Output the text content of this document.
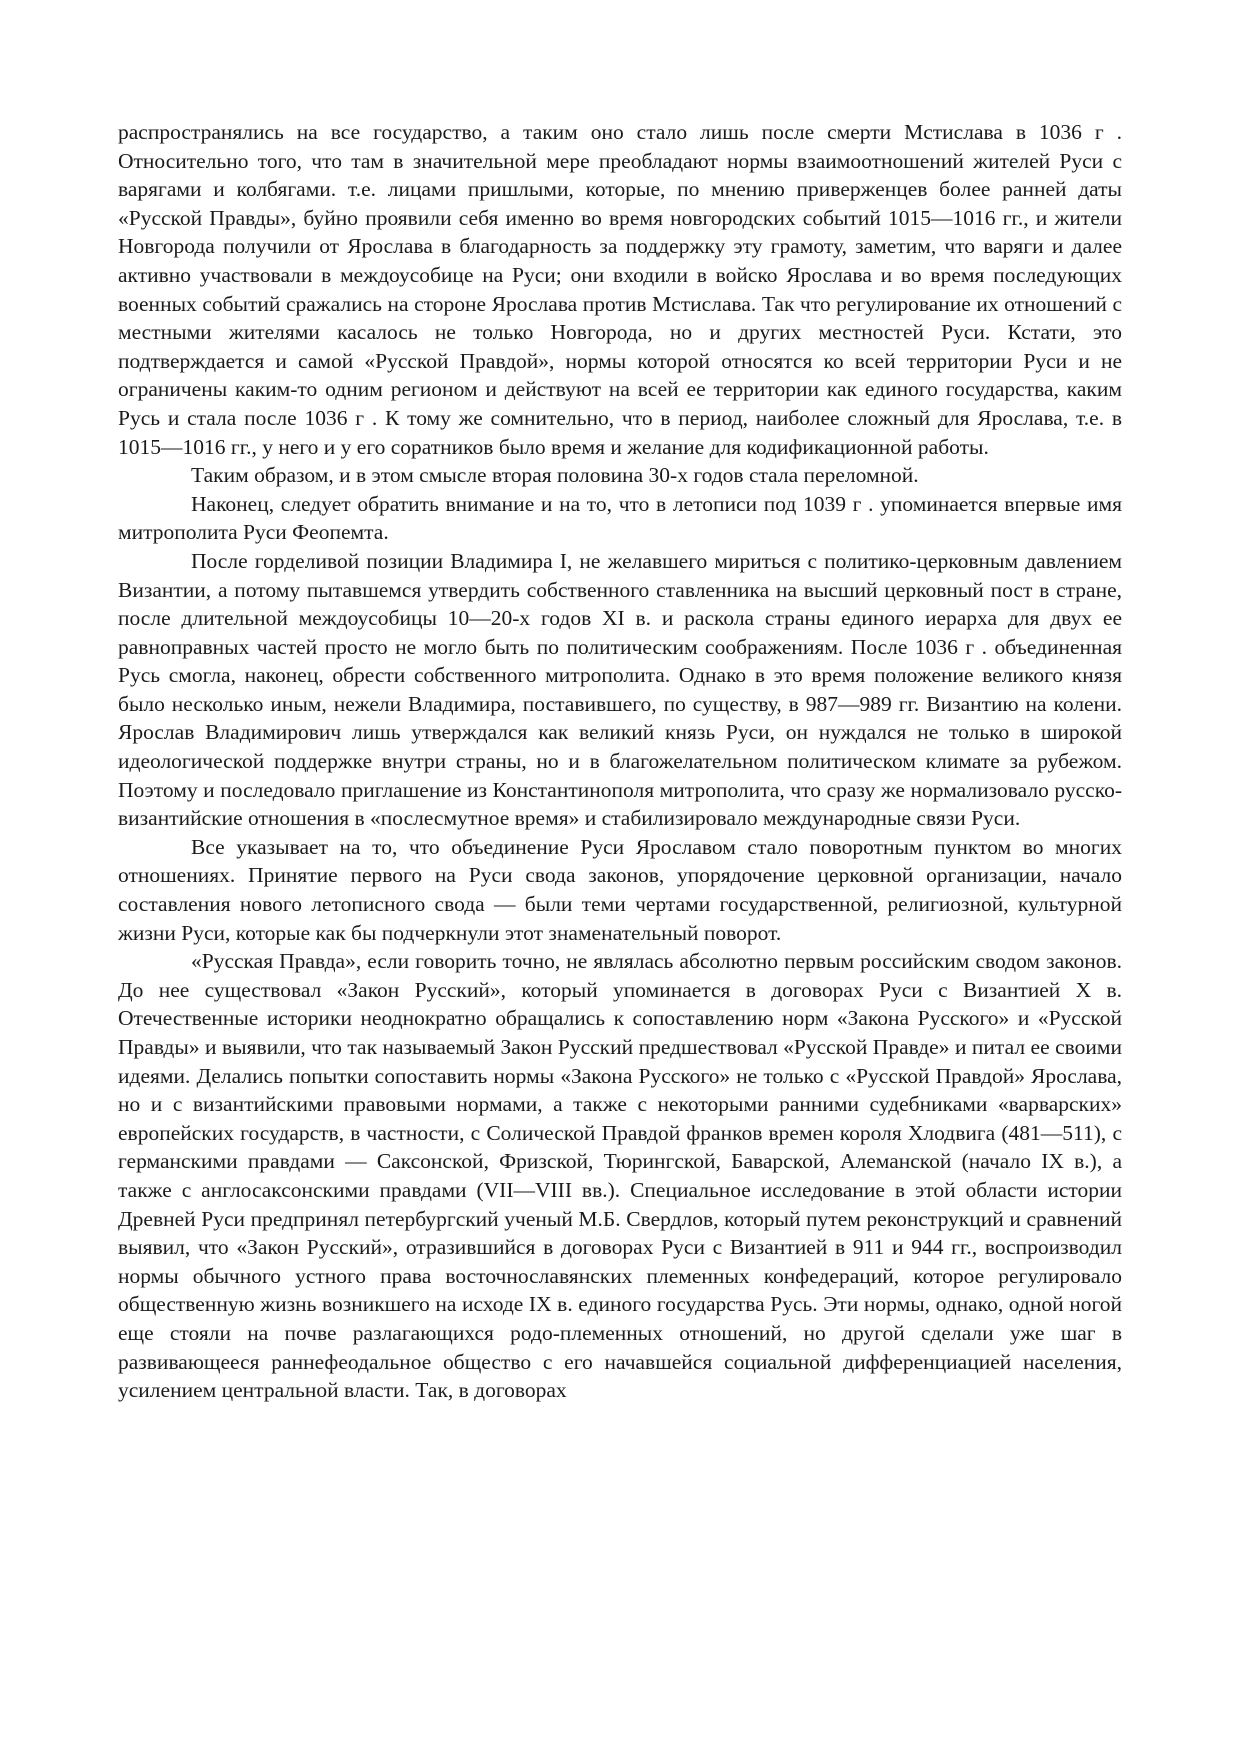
распространялись на все государство, а таким оно стало лишь после смерти Мстислава в 1036 г . Относительно того, что там в значительной мере преобладают нормы взаимоотношений жителей Руси с варягами и колбягами. т.е. лицами пришлыми, которые, по мнению приверженцев более ранней даты «Русской Правды», буйно проявили себя именно во время новгородских событий 1015—1016 гг., и жители Новгорода получили от Ярослава в благодарность за поддержку эту грамоту, заметим, что варяги и далее активно участвовали в междоусобице на Руси; они входили в войско Ярослава и во время последующих военных событий сражались на стороне Ярослава против Мстислава. Так что регулирование их отношений с местными жителями касалось не только Новгорода, но и других местностей Руси. Кстати, это подтверждается и самой «Русской Правдой», нормы которой относятся ко всей территории Руси и не ограничены каким-то одним регионом и действуют на всей ее территории как единого государства, каким Русь и стала после 1036 г . К тому же сомнительно, что в период, наиболее сложный для Ярослава, т.е. в 1015—1016 гг., у него и у его соратников было время и желание для кодификационной работы.

Таким образом, и в этом смысле вторая половина 30-х годов стала переломной.

Наконец, следует обратить внимание и на то, что в летописи под 1039 г . упоминается впервые имя митрополита Руси Феопемта.

После горделивой позиции Владимира I, не желавшего мириться с политико-церковным давлением Византии, а потому пытавшемся утвердить собственного ставленника на высший церковный пост в стране, после длительной междоусобицы 10—20-х годов XI в. и раскола страны единого иерарха для двух ее равноправных частей просто не могло быть по политическим соображениям. После 1036 г . объединенная Русь смогла, наконец, обрести собственного митрополита. Однако в это время положение великого князя было несколько иным, нежели Владимира, поставившего, по существу, в 987—989 гг. Византию на колени. Ярослав Владимирович лишь утверждался как великий князь Руси, он нуждался не только в широкой идеологической поддержке внутри страны, но и в благожелательном политическом климате за рубежом. Поэтому и последовало приглашение из Константинополя митрополита, что сразу же нормализовало русско-византийские отношения в «послесмутное время» и стабилизировало международные связи Руси.

Все указывает на то, что объединение Руси Ярославом стало поворотным пунктом во многих отношениях. Принятие первого на Руси свода законов, упорядочение церковной организации, начало составления нового летописного свода — были теми чертами государственной, религиозной, культурной жизни Руси, которые как бы подчеркнули этот знаменательный поворот.

«Русская Правда», если говорить точно, не являлась абсолютно первым российским сводом законов. До нее существовал «Закон Русский», который упоминается в договорах Руси с Византией X в. Отечественные историки неоднократно обращались к сопоставлению норм «Закона Русского» и «Русской Правды» и выявили, что так называемый Закон Русский предшествовал «Русской Правде» и питал ее своими идеями. Делались попытки сопоставить нормы «Закона Русского» не только с «Русской Правдой» Ярослава, но и с византийскими правовыми нормами, а также с некоторыми ранними судебниками «варварских» европейских государств, в частности, с Солической Правдой франков времен короля Хлодвига (481—511), с германскими правдами — Саксонской, Фризской, Тюрингской, Баварской, Алеманской (начало IX в.), а также с англосаксонскими правдами (VII—VIII вв.). Специальное исследование в этой области истории Древней Руси предпринял петербургский ученый М.Б. Свердлов, который путем реконструкций и сравнений выявил, что «Закон Русский», отразившийся в договорах Руси с Византией в 911 и 944 гг., воспроизводил нормы обычного устного права восточнославянских племенных конфедераций, которое регулировало общественную жизнь возникшего на исходе IX в. единого государства Русь. Эти нормы, однако, одной ногой еще стояли на почве разлагающихся родо-племенных отношений, но другой сделали уже шаг в развивающееся раннефеодальное общество с его начавшейся социальной дифференциацией населения, усилением центральной власти. Так, в договорах
